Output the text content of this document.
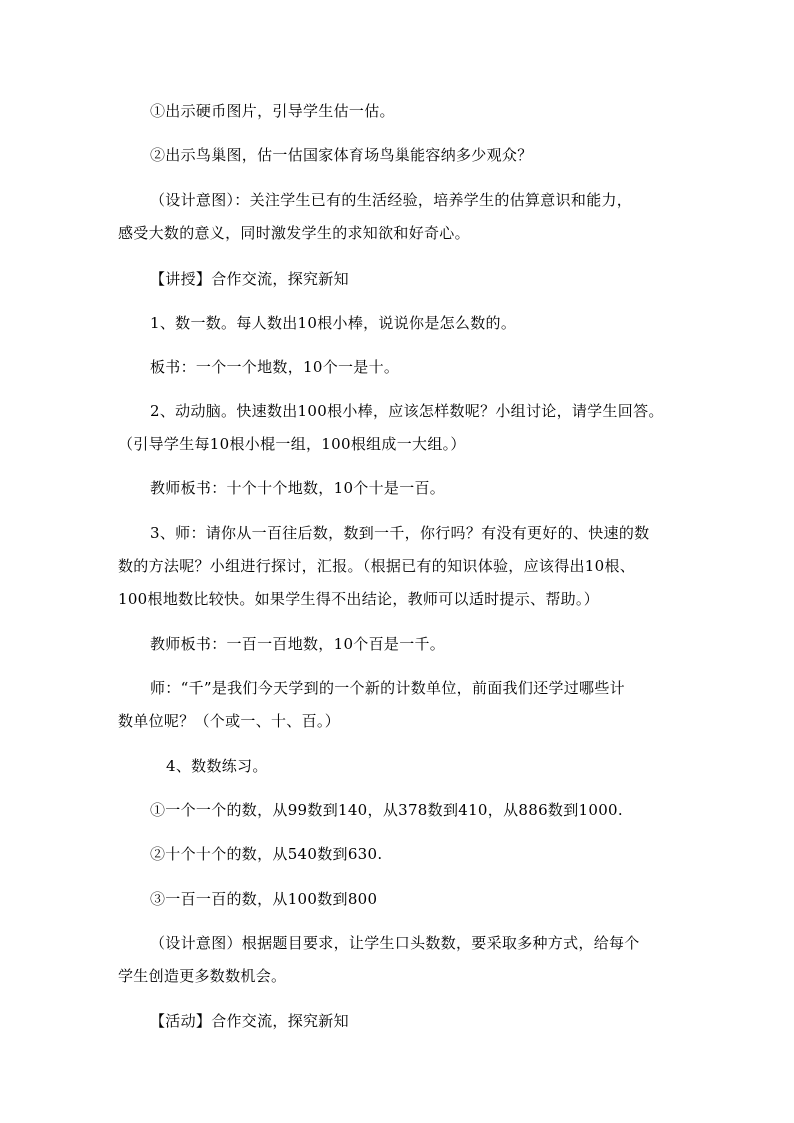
①出示硬币图片，引导学生估一估。
②出示鸟巢图，估一估国家体育场鸟巢能容纳多少观众？
（设计意图）：关注学生已有的生活经验，培养学生的估算意识和能力，
感受大数的意义，同时激发学生的求知欲和好奇心。
【讲授】合作交流，探究新知
1、数一数。每人数出10根小棒，说说你是怎么数的。
板书：一个一个地数，10个一是十。
2、动动脑。快速数出100根小棒，应该怎样数呢？小组讨论，请学生回答。
（引导学生每10根小棍一组，100根组成一大组。）
教师板书：十个十个地数，10个十是一百。
3、师：请你从一百往后数，数到一千，你行吗？有没有更好的、快速的数
数的方法呢？小组进行探讨，汇报。（根据已有的知识体验，应该得出10根、
100根地数比较快。如果学生得不出结论，教师可以适时提示、帮助。）
教师板书：一百一百地数，10个百是一千。
师：“千”是我们今天学到的一个新的计数单位，前面我们还学过哪些计
数单位呢？（个或一、十、百。）
4、数数练习。
①一个一个的数，从99数到140，从378数到410，从886数到1000.
②十个十个的数，从540数到630.
③一百一百的数，从100数到800
（设计意图）根据题目要求，让学生口头数数，要采取多种方式，给每个
学生创造更多数数机会。
【活动】合作交流，探究新知
